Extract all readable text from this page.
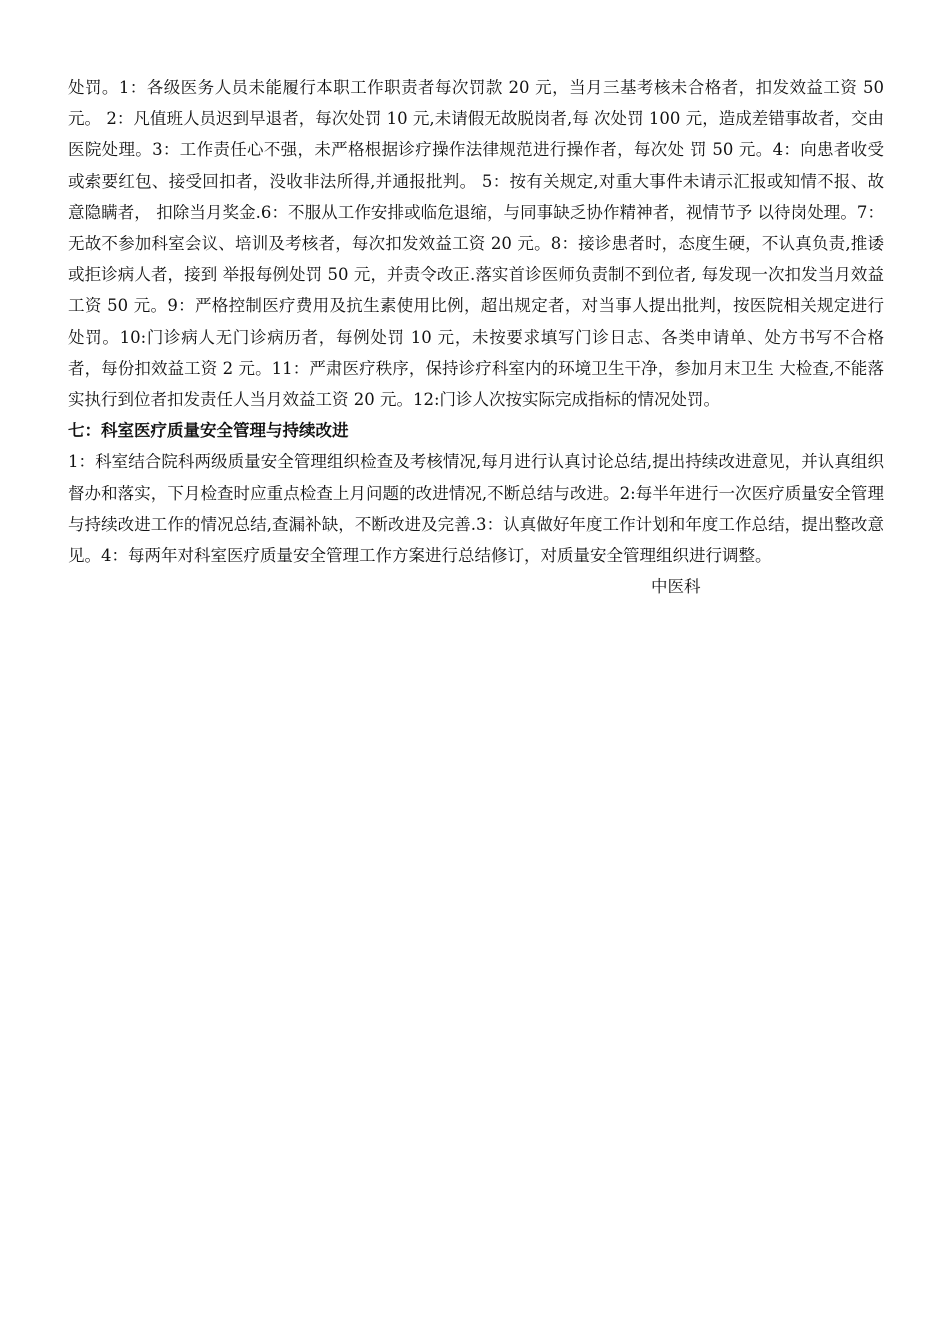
处罚。1：各级医务人员未能履行本职工作职责者每次罚款 20 元，当月三基考核未合格者，扣发效益工资 50 元。 2：凡值班人员迟到早退者，每次处罚 10 元,未请假无故脱岗者,每 次处罚 100 元，造成差错事故者，交由医院处理。3：工作责任心不强，未严格根据诊疗操作法律规范进行操作者，每次处 罚 50 元。4：向患者收受或索要红包、接受回扣者，没收非法所得,并通报批判。 5：按有关规定,对重大事件未请示汇报或知情不报、故意隐瞒者， 扣除当月奖金.6：不服从工作安排或临危退缩，与同事缺乏协作精神者，视情节予 以待岗处理。7：无故不参加科室会议、培训及考核者，每次扣发效益工资 20 元。8：接诊患者时，态度生硬，不认真负责,推诿或拒诊病人者，接到 举报每例处罚 50 元，并责令改正.落实首诊医师负责制不到位者, 每发现一次扣发当月效益工资 50 元。9：严格控制医疗费用及抗生素使用比例，超出规定者，对当事人提出批判，按医院相关规定进行处罚。10:门诊病人无门诊病历者，每例处罚 10 元，未按要求填写门诊日志、各类申请单、处方书写不合格者，每份扣效益工资 2 元。11：严肃医疗秩序，保持诊疗科室内的环境卫生干净，参加月末卫生 大检查,不能落实执行到位者扣发责任人当月效益工资 20 元。12:门诊人次按实际完成指标的情况处罚。

七：科室医疗质量安全管理与持续改进

1：科室结合院科两级质量安全管理组织检查及考核情况,每月进行认真讨论总结,提出持续改进意见，并认真组织督办和落实，下月检查时应重点检查上月问题的改进情况,不断总结与改进。2:每半年进行一次医疗质量安全管理与持续改进工作的情况总结,查漏补缺，不断改进及完善.3：认真做好年度工作计划和年度工作总结，提出整改意见。4：每两年对科室医疗质量安全管理工作方案进行总结修订，对质量安全管理组织进行调整。

中医科
